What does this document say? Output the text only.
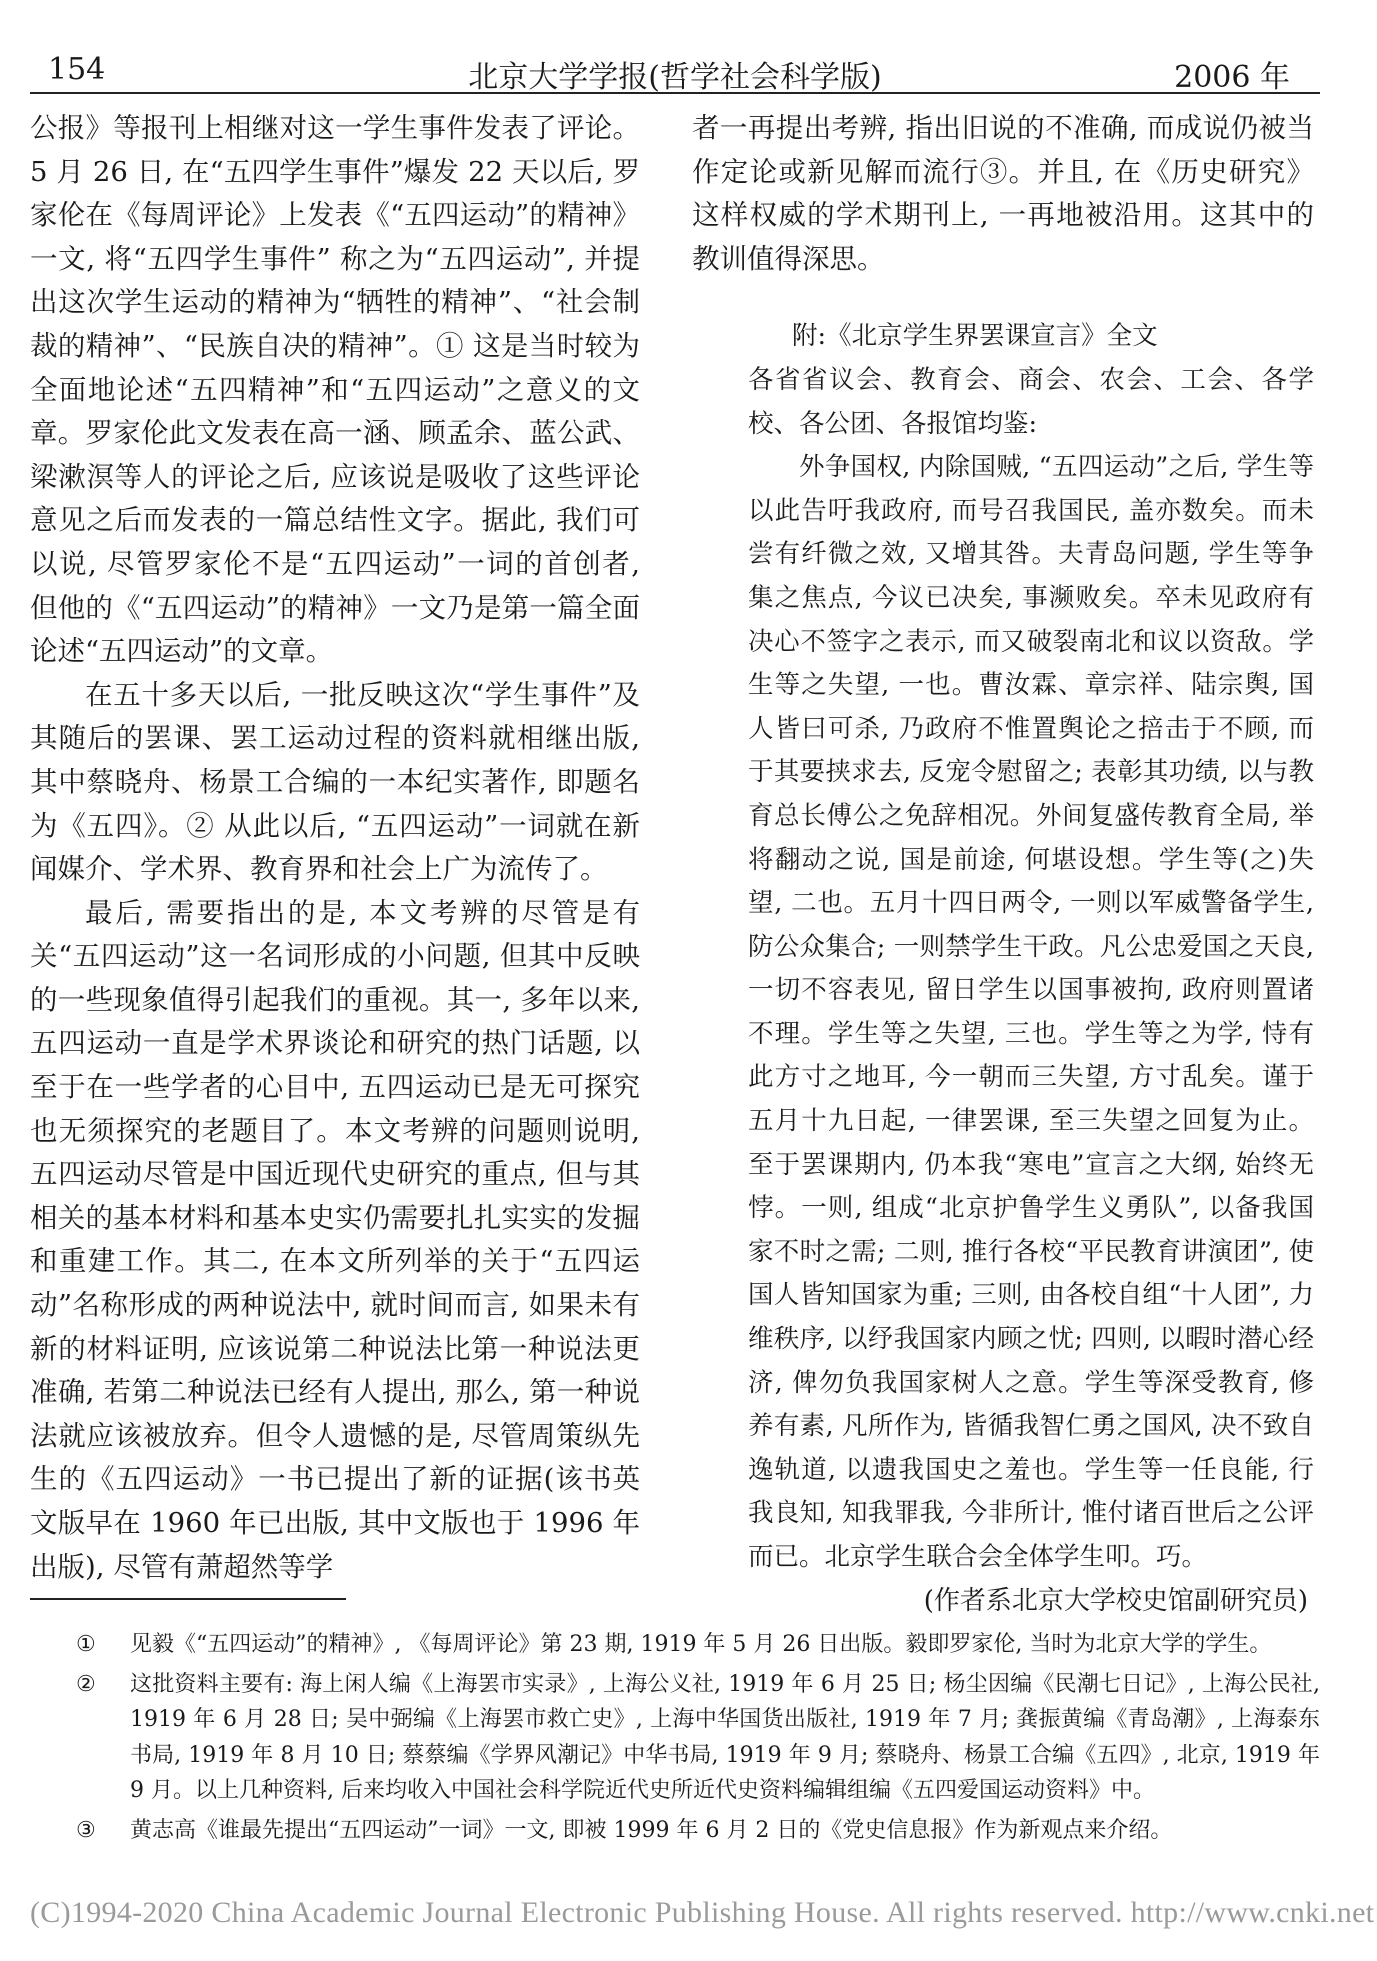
154	北京大学学报(哲学社会科学版)	2006 年

公报》等报刊上相继对这一学生事件发表了评论。5 月 26 日, 在“五四学生事件”爆发 22 天以后, 罗家伦在《每周评论》上发表《“五四运动”的精神》一文, 将“五四学生事件” 称之为“五四运动”, 并提出这次学生运动的精神为“牺牲的精神”、“社会制裁的精神”、“民族自决的精神”。① 这是当时较为全面地论述“五四精神”和“五四运动”之意义的文章。罗家伦此文发表在高一涵、顾孟余、蓝公武、梁漱溟等人的评论之后, 应该说是吸收了这些评论意见之后而发表的一篇总结性文字。据此, 我们可以说, 尽管罗家伦不是“五四运动”一词的首创者, 但他的《“五四运动”的精神》一文乃是第一篇全面论述“五四运动”的文章。

在五十多天以后, 一批反映这次“学生事件”及其随后的罢课、罢工运动过程的资料就相继出版, 其中蔡晓舟、杨景工合编的一本纪实著作, 即题名为《五四》。② 从此以后, “五四运动”一词就在新闻媒介、学术界、教育界和社会上广为流传了。

最后, 需要指出的是, 本文考辨的尽管是有关“五四运动”这一名词形成的小问题, 但其中反映的一些现象值得引起我们的重视。其一, 多年以来, 五四运动一直是学术界谈论和研究的热门话题, 以至于在一些学者的心目中, 五四运动已是无可探究也无须探究的老题目了。本文考辨的问题则说明, 五四运动尽管是中国近现代史研究的重点, 但与其相关的基本材料和基本史实仍需要扎扎实实的发掘和重建工作。其二, 在本文所列举的关于“五四运动”名称形成的两种说法中, 就时间而言, 如果未有新的材料证明, 应该说第二种说法比第一种说法更准确, 若第二种说法已经有人提出, 那么, 第一种说法就应该被放弃。但令人遗憾的是, 尽管周策纵先生的《五四运动》一书已提出了新的证据(该书英文版早在 1960 年已出版, 其中文版也于 1996 年出版), 尽管有萧超然等学

者一再提出考辨, 指出旧说的不准确, 而成说仍被当作定论或新见解而流行③。并且, 在《历史研究》这样权威的学术期刊上, 一再地被沿用。这其中的教训值得深思。

附:《北京学生界罢课宣言》全文

各省省议会、教育会、商会、农会、工会、各学校、各公团、各报馆均鉴:

外争国权, 内除国贼, “五四运动”之后, 学生等以此告吁我政府, 而号召我国民, 盖亦数矣。而未尝有纤微之效, 又增其咎。夫青岛问题, 学生等争集之焦点, 今议已决矣, 事濒败矣。卒未见政府有决心不签字之表示, 而又破裂南北和议以资敌。学生等之失望, 一也。曹汝霖、章宗祥、陆宗舆, 国人皆曰可杀, 乃政府不惟置舆论之掊击于不顾, 而于其要挟求去, 反宠令慰留之; 表彰其功绩, 以与教育总长傅公之免辞相况。外间复盛传教育全局, 举将翻动之说, 国是前途, 何堪设想。学生等(之)失望, 二也。五月十四日两令, 一则以军威警备学生, 防公众集合; 一则禁学生干政。凡公忠爱国之天良, 一切不容表见, 留日学生以国事被拘, 政府则置诸不理。学生等之失望, 三也。学生等之为学, 恃有此方寸之地耳, 今一朝而三失望, 方寸乱矣。谨于五月十九日起, 一律罢课, 至三失望之回复为止。至于罢课期内, 仍本我“寒电”宣言之大纲, 始终无悖。一则, 组成“北京护鲁学生义勇队”, 以备我国家不时之需; 二则, 推行各校“平民教育讲演团”, 使国人皆知国家为重; 三则, 由各校自组“十人团”, 力维秩序, 以纾我国家内顾之忧; 四则, 以暇时潜心经济, 俾勿负我国家树人之意。学生等深受教育, 修养有素, 凡所作为, 皆循我智仁勇之国风, 决不致自逸轨道, 以遗我国史之羞也。学生等一任良能, 行我良知, 知我罪我, 今非所计, 惟付诸百世后之公评而已。北京学生联合会全体学生叩。巧。

(作者系北京大学校史馆副研究员)

① 见毅《“五四运动”的精神》, 《每周评论》第 23 期, 1919 年 5 月 26 日出版。毅即罗家伦, 当时为北京大学的学生。

② 这批资料主要有: 海上闲人编《上海罢市实录》, 上海公义社, 1919 年 6 月 25 日; 杨尘因编《民潮七日记》, 上海公民社, 1919 年 6 月 28 日; 吴中弼编《上海罢市救亡史》, 上海中华国货出版社, 1919 年 7 月; 龚振黄编《青岛潮》, 上海泰东书局, 1919 年 8 月 10 日; 蔡蔡编《学界风潮记》中华书局, 1919 年 9 月; 蔡晓舟、杨景工合编《五四》, 北京, 1919 年 9 月。以上几种资料, 后来均收入中国社会科学院近代史所近代史资料编辑组编《五四爱国运动资料》中。

③ 黄志高《谁最先提出“五四运动”一词》一文, 即被 1999 年 6 月 2 日的《党史信息报》作为新观点来介绍。

(C)1994-2020 China Academic Journal Electronic Publishing House. All rights reserved. http://www.cnki.net
